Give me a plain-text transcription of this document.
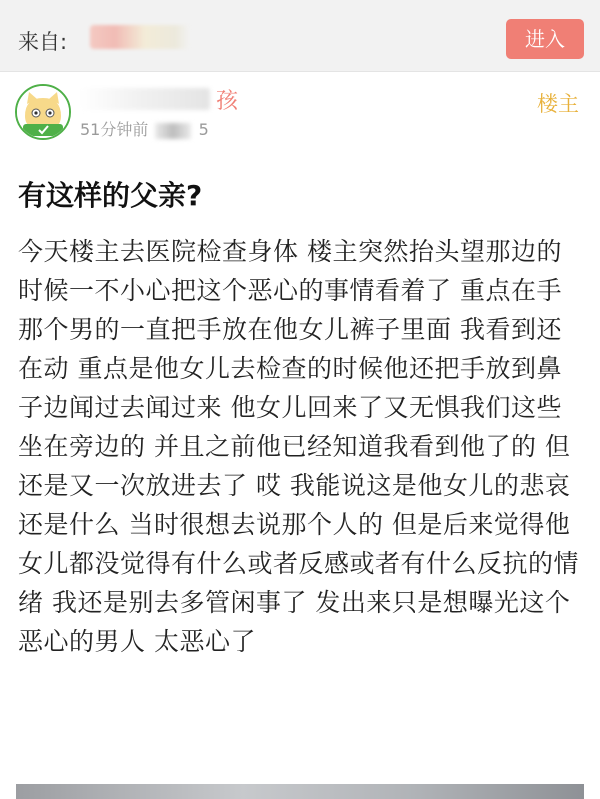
来自:	进入
孩
51分钟前	5
楼主
有这样的父亲?

今天楼主去医院检查身体 楼主突然抬头望那边的时候一不小心把这个恶心的事情看着了 重点在手 那个男的一直把手放在他女儿裤子里面 我看到还在动 重点是他女儿去检查的时候他还把手放到鼻子边闻过去闻过来 他女儿回来了又无惧我们这些坐在旁边的 并且之前他已经知道我看到他了的 但还是又一次放进去了 哎 我能说这是他女儿的悲哀还是什么 当时很想去说那个人的 但是后来觉得他女儿都没觉得有什么或者反感或者有什么反抗的情绪 我还是别去多管闲事了 发出来只是想曝光这个恶心的男人 太恶心了
